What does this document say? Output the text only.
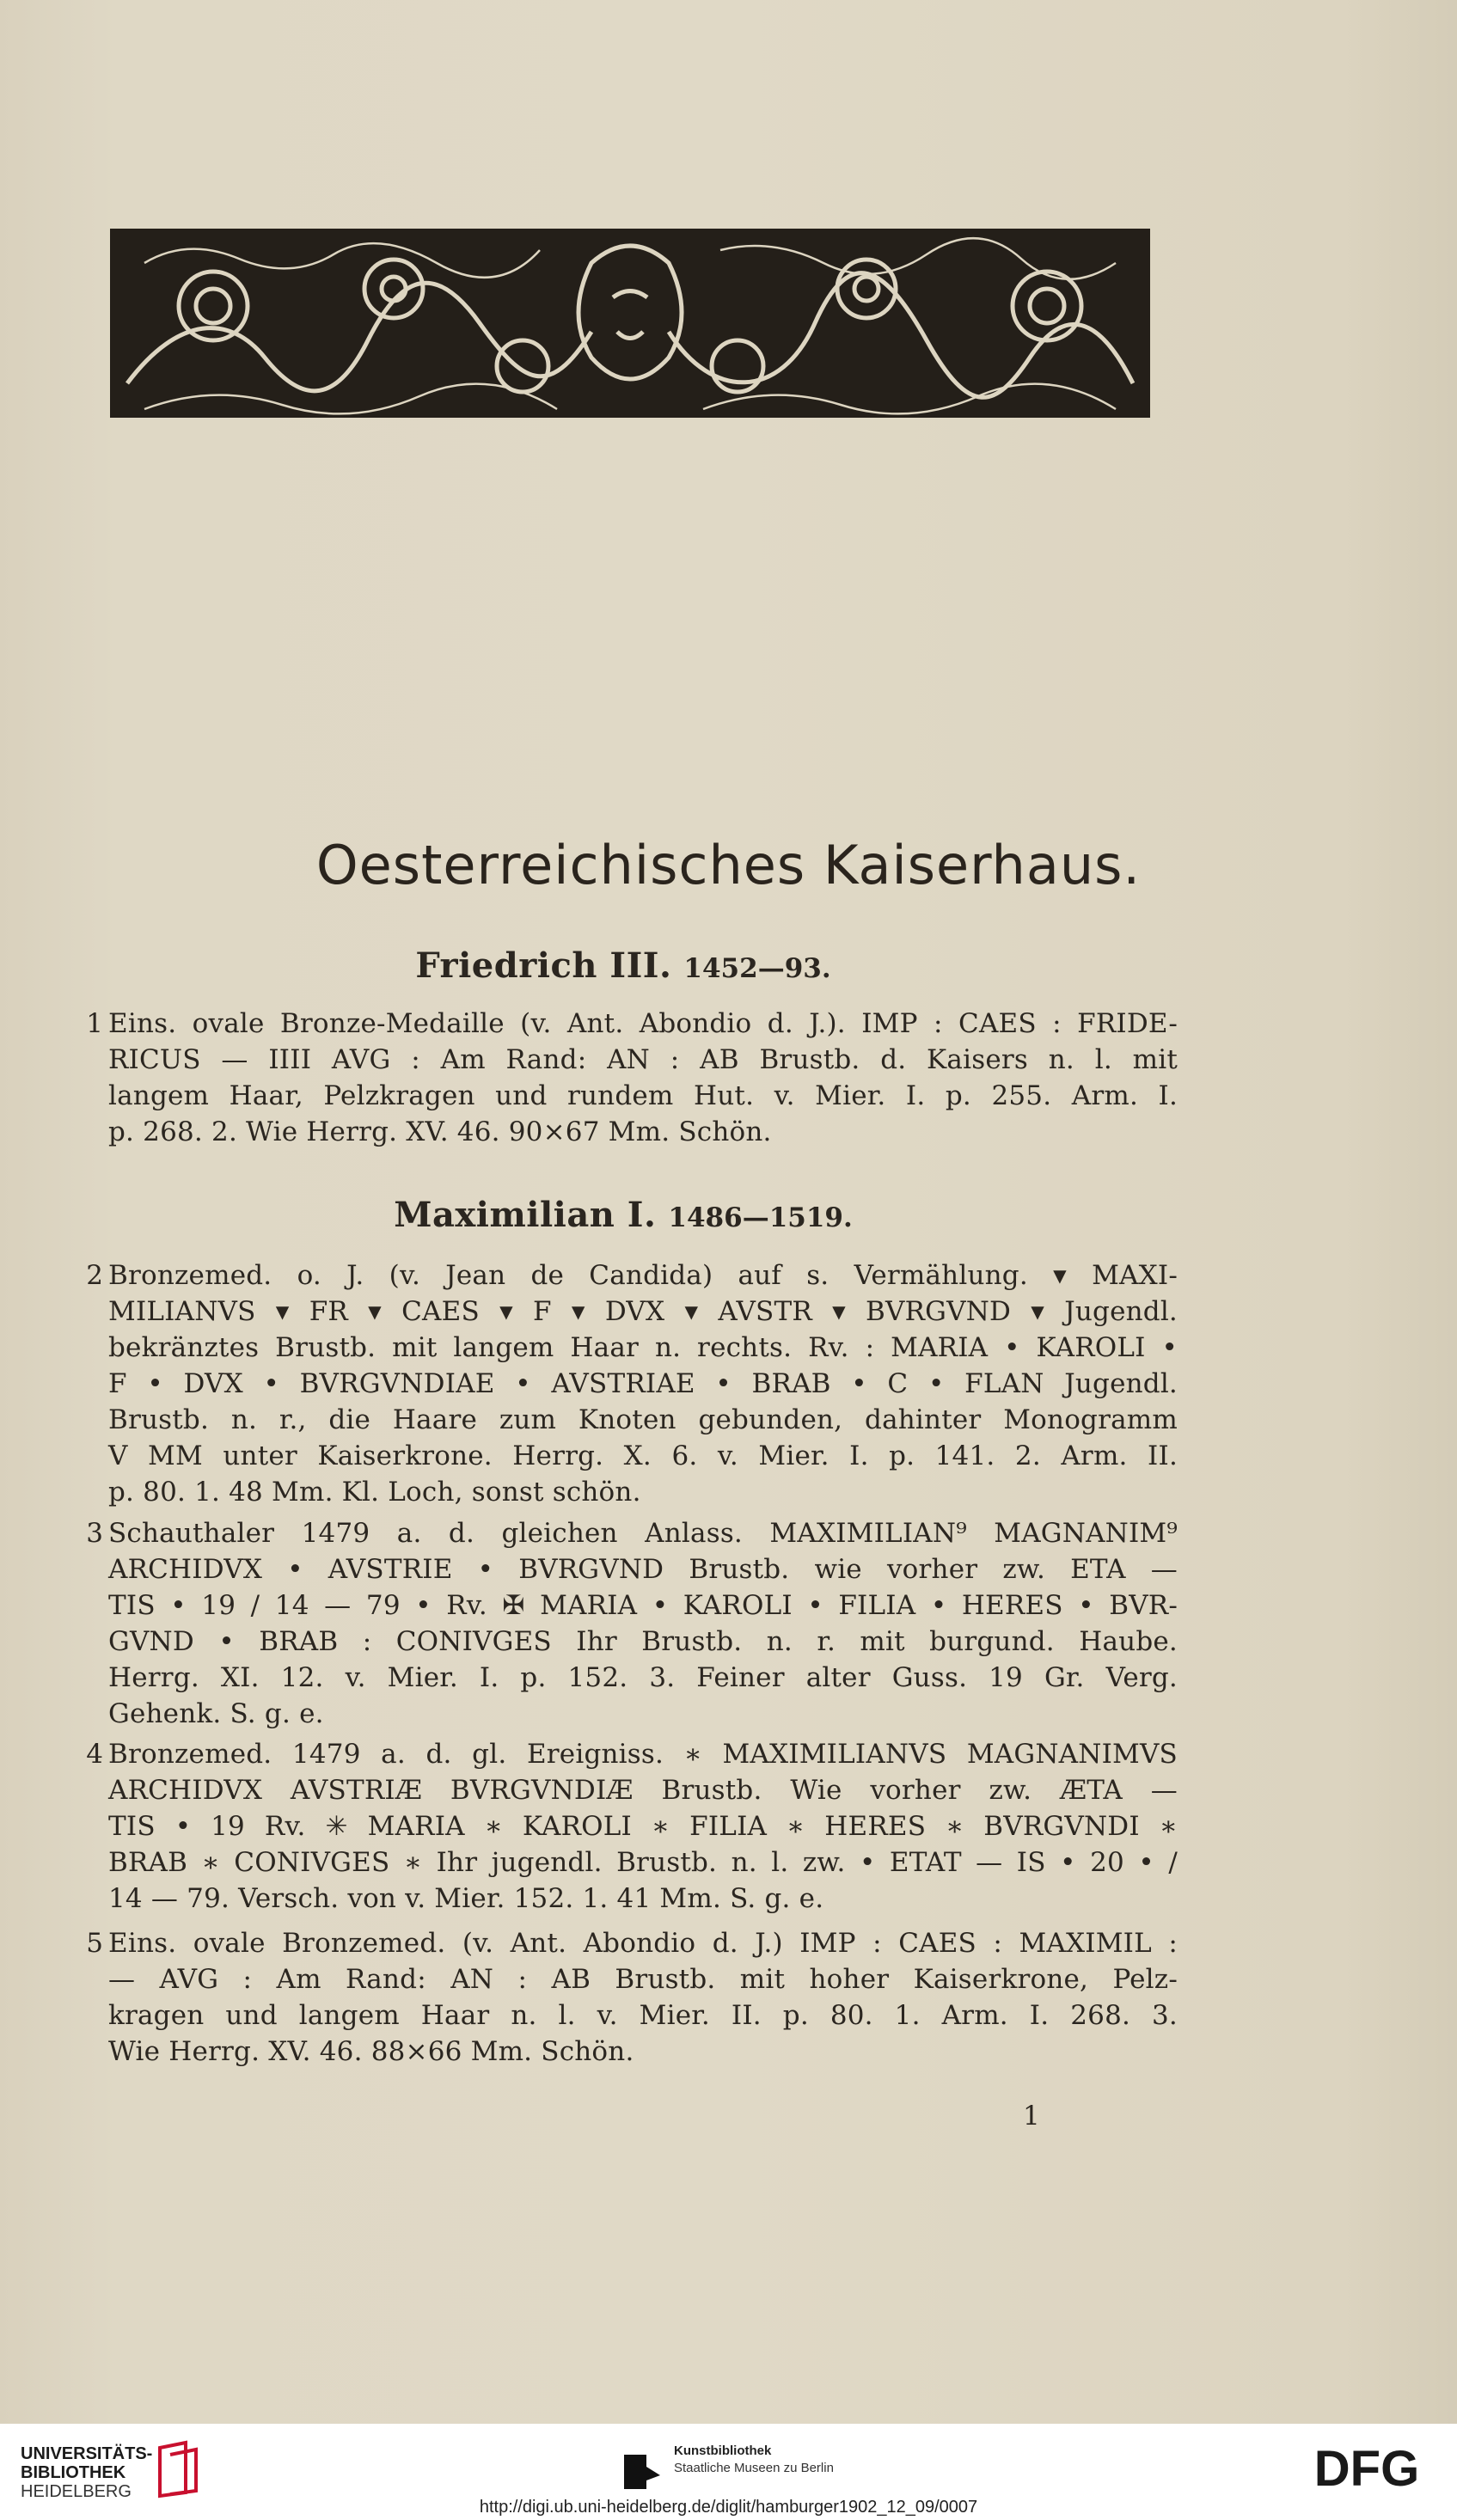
Oesterreichisches Kaiserhaus.
Friedrich III. 1452—93.
1 Eins. ovale Bronze-Medaille (v. Ant. Abondio d. J.). IMP : CAES : FRIDE-
RICUS — IIII AVG : Am Rand: AN : AB Brustb. d. Kaisers n. l. mit
langem Haar, Pelzkragen und rundem Hut. v. Mier. I. p. 255. Arm. I.
p. 268. 2. Wie Herrg. XV. 46. 90×67 Mm. Schön.
Maximilian I. 1486—1519.
2 Bronzemed. o. J. (v. Jean de Candida) auf s. Vermählung. ▾ MAXI-
MILIANVS ▾ FR ▾ CAES ▾ F ▾ DVX ▾ AVSTR ▾ BVRGVND ▾ Jugendl.
bekränztes Brustb. mit langem Haar n. rechts. Rv. : MARIA • KAROLI •
F • DVX • BVRGVNDIAE • AVSTRIAE • BRAB • C • FLAN Jugendl.
Brustb. n. r., die Haare zum Knoten gebunden, dahinter Monogramm
V MM unter Kaiserkrone. Herrg. X. 6. v. Mier. I. p. 141. 2. Arm. II.
p. 80. 1. 48 Mm. Kl. Loch, sonst schön.
3 Schauthaler 1479 a. d. gleichen Anlass. MAXIMILIAN⁹ MAGNANIM⁹
ARCHIDVX • AVSTRIE • BVRGVND Brustb. wie vorher zw. ETA —
TIS • 19 / 14 — 79 • Rv. ✠ MARIA • KAROLI • FILIA • HERES • BVR-
GVND • BRAB : CONIVGES Ihr Brustb. n. r. mit burgund. Haube.
Herrg. XI. 12. v. Mier. I. p. 152. 3. Feiner alter Guss. 19 Gr. Verg.
Gehenk. S. g. e.
4 Bronzemed. 1479 a. d. gl. Ereigniss. ∗ MAXIMILIANVS MAGNANIMVS
ARCHIDVX AVSTRIÆ BVRGVNDIÆ Brustb. Wie vorher zw. ÆTA —
TIS • 19 Rv. ✳ MARIA ∗ KAROLI ∗ FILIA ∗ HERES ∗ BVRGVNDI ∗
BRAB ∗ CONIVGES ∗ Ihr jugendl. Brustb. n. l. zw. • ETAT — IS • 20 • /
14 — 79. Versch. von v. Mier. 152. 1. 41 Mm. S. g. e.
5 Eins. ovale Bronzemed. (v. Ant. Abondio d. J.) IMP : CAES : MAXIMIL :
— AVG : Am Rand: AN : AB Brustb. mit hoher Kaiserkrone, Pelz-
kragen und langem Haar n. l. v. Mier. II. p. 80. 1. Arm. I. 268. 3.
Wie Herrg. XV. 46. 88×66 Mm. Schön.
1
UNIVERSITÄTS-
BIBLIOTHEK
HEIDELBERG
Kunstbibliothek
Staatliche Museen zu Berlin	DFG
http://digi.ub.uni-heidelberg.de/diglit/hamburger1902_12_09/0007
